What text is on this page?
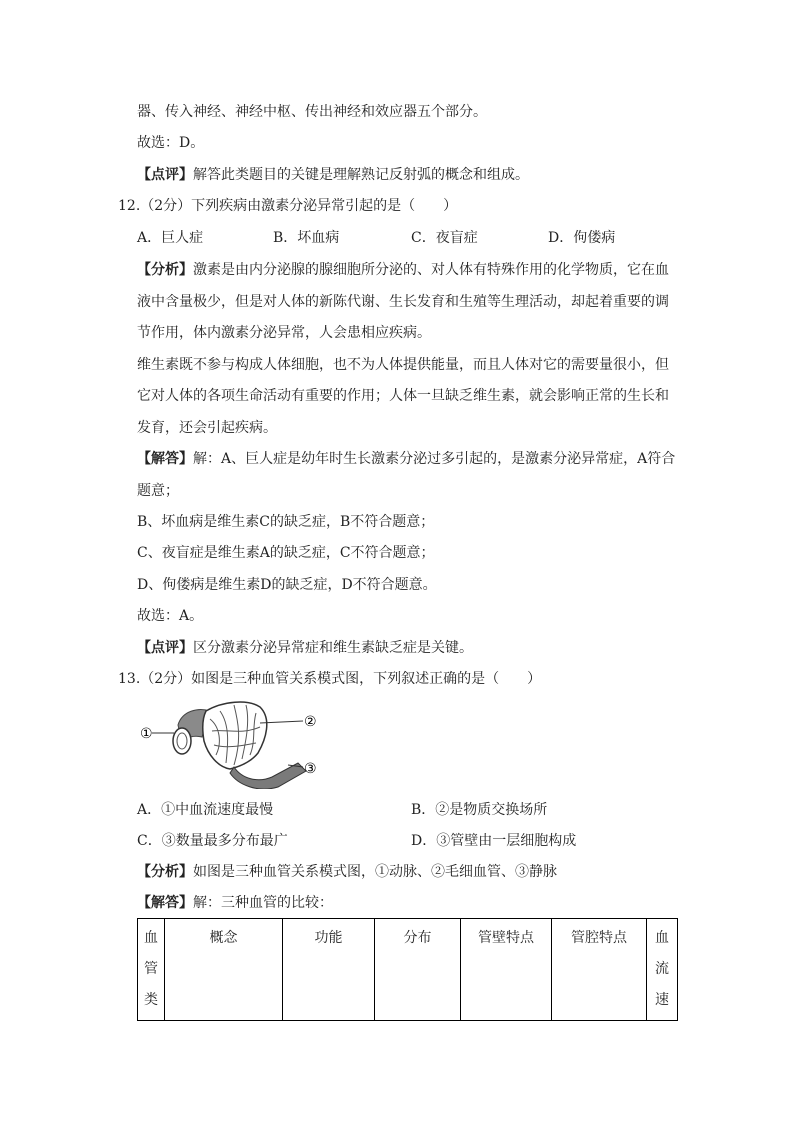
器、传入神经、神经中枢、传出神经和效应器五个部分。
故选：D。
【点评】解答此类题目的关键是理解熟记反射弧的概念和组成。
12.（2分）下列疾病由激素分泌异常引起的是（　　）
A．巨人症	B．坏血病	C．夜盲症	D．佝偻病
【分析】激素是由内分泌腺的腺细胞所分泌的、对人体有特殊作用的化学物质，它在血
液中含量极少，但是对人体的新陈代谢、生长发育和生殖等生理活动，却起着重要的调
节作用，体内激素分泌异常，人会患相应疾病。
维生素既不参与构成人体细胞，也不为人体提供能量，而且人体对它的需要量很小，但
它对人体的各项生命活动有重要的作用；人体一旦缺乏维生素，就会影响正常的生长和
发育，还会引起疾病。
【解答】解：A、巨人症是幼年时生长激素分泌过多引起的，是激素分泌异常症，A符合
题意；
B、坏血病是维生素C的缺乏症，B不符合题意；
C、夜盲症是维生素A的缺乏症，C不符合题意；
D、佝偻病是维生素D的缺乏症，D不符合题意。
故选：A。
【点评】区分激素分泌异常症和维生素缺乏症是关键。
13.（2分）如图是三种血管关系模式图，下列叙述正确的是（　　）
①
②
③
A．①中血流速度最慢	B．②是物质交换场所
C．③数量最多分布最广	D．③管壁由一层细胞构成
【分析】如图是三种血管关系模式图，①动脉、②毛细血管、③静脉
【解答】解：三种血管的比较：
血管类	概念	功能	分布	管壁特点	管腔特点	血流速
